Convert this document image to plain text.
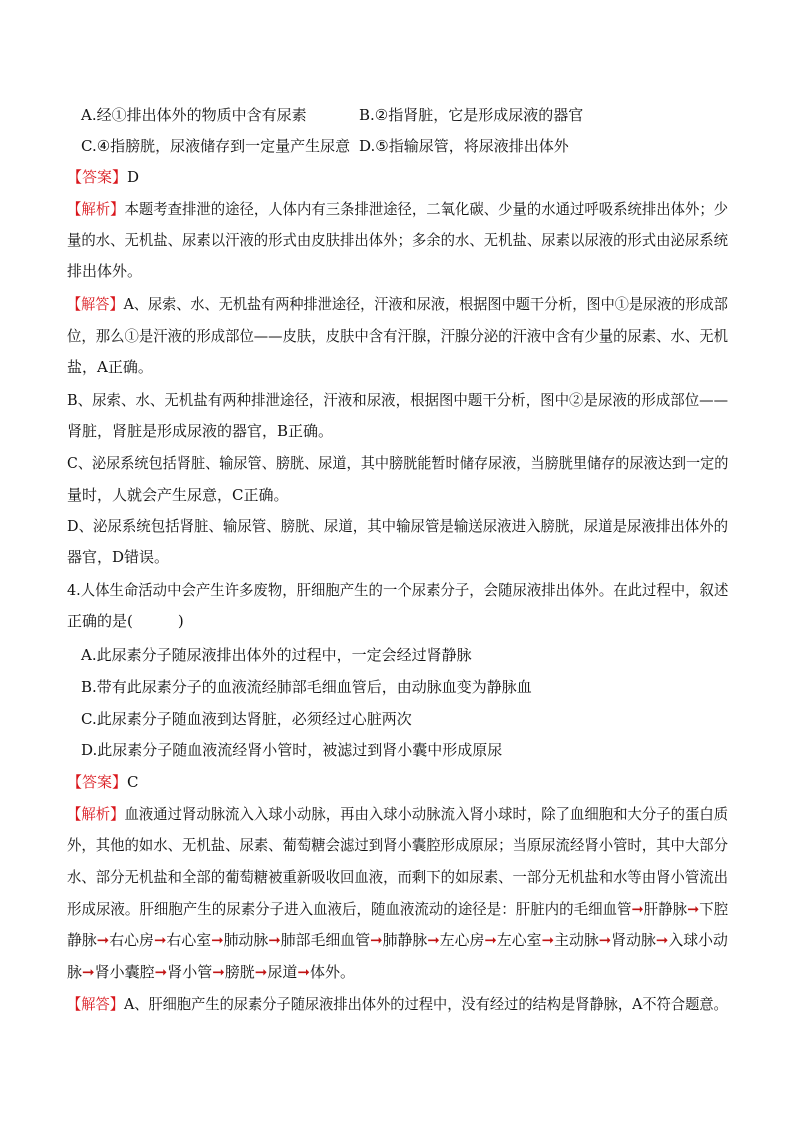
A.经①排出体外的物质中含有尿素	B.②指肾脏，它是形成尿液的器官
C.④指膀胱，尿液储存到一定量产生尿意 D.⑤指输尿管，将尿液排出体外
【答案】D
【解析】本题考查排泄的途径，人体内有三条排泄途径，二氧化碳、少量的水通过呼吸系统排出体外；少
量的水、无机盐、尿素以汗液的形式由皮肤排出体外；多余的水、无机盐、尿素以尿液的形式由泌尿系统
排出体外。
【解答】A、尿索、水、无机盐有两种排泄途径，汗液和尿液，根据图中题干分析，图中①是尿液的形成部
位，那么①是汗液的形成部位——皮肤，皮肤中含有汗腺，汗腺分泌的汗液中含有少量的尿素、水、无机
盐，A正确。
B、尿索、水、无机盐有两种排泄途径，汗液和尿液，根据图中题干分析，图中②是尿液的形成部位——
肾脏，肾脏是形成尿液的器官，B正确。
C、泌尿系统包括肾脏、输尿管、膀胱、尿道，其中膀胱能暂时储存尿液，当膀胱里储存的尿液达到一定的
量时，人就会产生尿意，C正确。
D、泌尿系统包括肾脏、输尿管、膀胱、尿道，其中输尿管是输送尿液进入膀胱，尿道是尿液排出体外的
器官，D错误。
4.人体生命活动中会产生许多废物，肝细胞产生的一个尿素分子，会随尿液排出体外。在此过程中，叙述
正确的是(　　　)
A.此尿素分子随尿液排出体外的过程中，一定会经过肾静脉
B.带有此尿素分子的血液流经肺部毛细血管后，由动脉血变为静脉血
C.此尿素分子随血液到达肾脏，必须经过心脏两次
D.此尿素分子随血液流经肾小管时，被滤过到肾小囊中形成原尿
【答案】C
【解析】血液通过肾动脉流入入球小动脉，再由入球小动脉流入肾小球时，除了血细胞和大分子的蛋白质
外，其他的如水、无机盐、尿素、葡萄糖会滤过到肾小囊腔形成原尿；当原尿流经肾小管时，其中大部分
水、部分无机盐和全部的葡萄糖被重新吸收回血液，而剩下的如尿素、一部分无机盐和水等由肾小管流出
形成尿液。肝细胞产生的尿素分子进入血液后，随血液流动的途径是：肝脏内的毛细血管➞肝静脉➞下腔
静脉➞右心房➞右心室➞肺动脉➞肺部毛细血管➞肺静脉➞左心房➞左心室➞主动脉➞肾动脉➞入球小动
脉➞肾小囊腔➞肾小管➞膀胱➞尿道➞体外。
【解答】A、肝细胞产生的尿素分子随尿液排出体外的过程中，没有经过的结构是肾静脉，A不符合题意。
